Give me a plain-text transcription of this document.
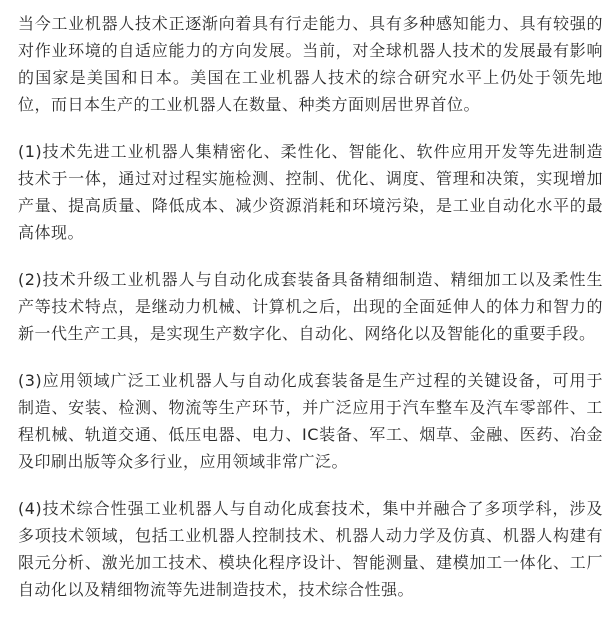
当今工业机器人技术正逐渐向着具有行走能力、具有多种感知能力、具有较强的对作业环境的自适应能力的方向发展。当前，对全球机器人技术的发展最有影响的国家是美国和日本。美国在工业机器人技术的综合研究水平上仍处于领先地位，而日本生产的工业机器人在数量、种类方面则居世界首位。

(1)技术先进工业机器人集精密化、柔性化、智能化、软件应用开发等先进制造技术于一体，通过对过程实施检测、控制、优化、调度、管理和决策，实现增加产量、提高质量、降低成本、减少资源消耗和环境污染，是工业自动化水平的最高体现。

(2)技术升级工业机器人与自动化成套装备具备精细制造、精细加工以及柔性生产等技术特点，是继动力机械、计算机之后，出现的全面延伸人的体力和智力的新一代生产工具，是实现生产数字化、自动化、网络化以及智能化的重要手段。

(3)应用领域广泛工业机器人与自动化成套装备是生产过程的关键设备，可用于制造、安装、检测、物流等生产环节，并广泛应用于汽车整车及汽车零部件、工程机械、轨道交通、低压电器、电力、IC装备、军工、烟草、金融、医药、冶金及印刷出版等众多行业，应用领域非常广泛。

(4)技术综合性强工业机器人与自动化成套技术，集中并融合了多项学科，涉及多项技术领域，包括工业机器人控制技术、机器人动力学及仿真、机器人构建有限元分析、激光加工技术、模块化程序设计、智能测量、建模加工一体化、工厂自动化以及精细物流等先进制造技术，技术综合性强。
